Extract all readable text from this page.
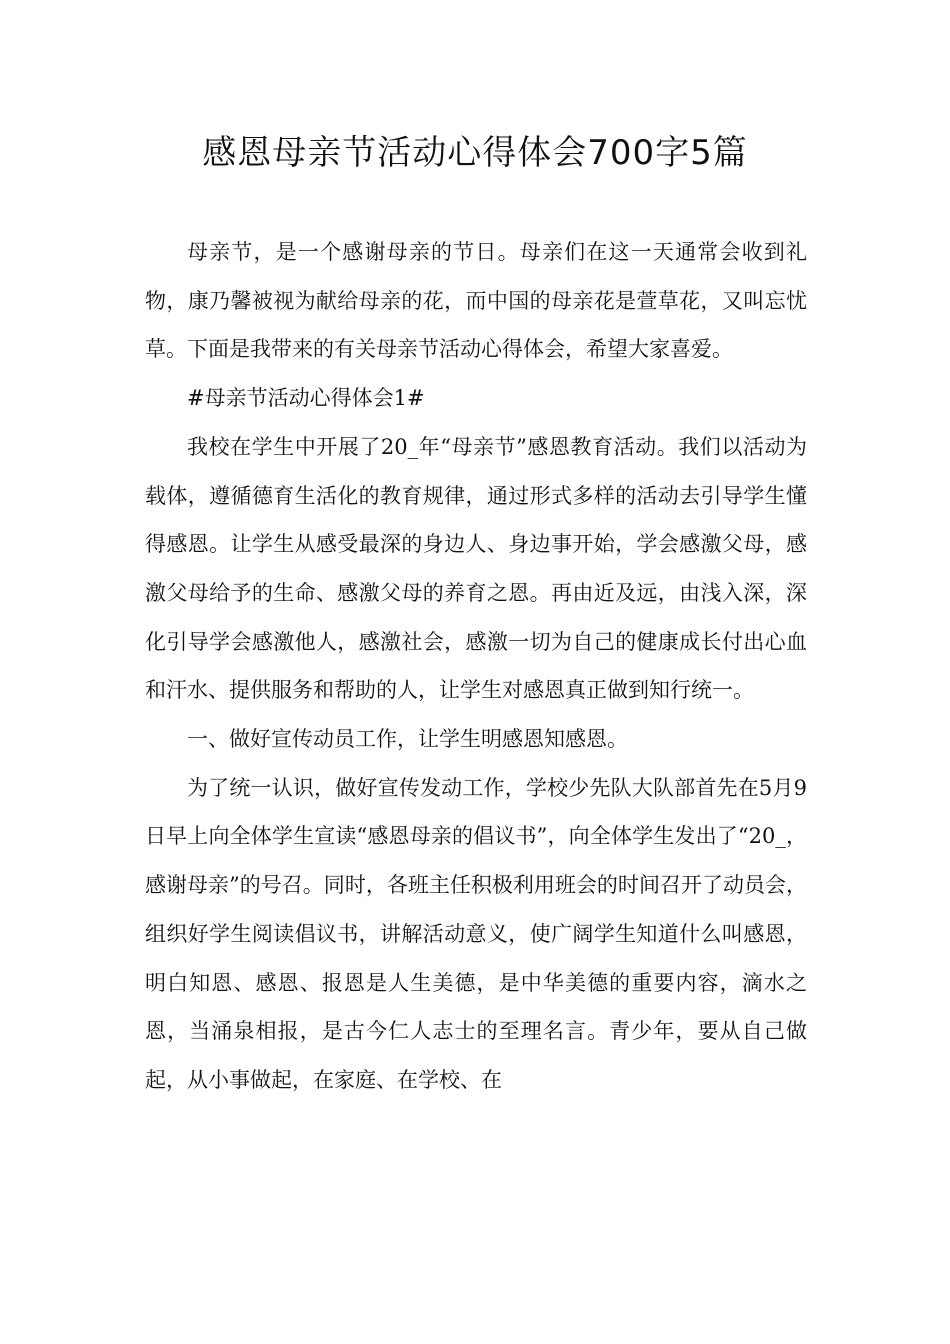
感恩母亲节活动心得体会700字5篇

母亲节，是一个感谢母亲的节日。母亲们在这一天通常会收到礼物，康乃馨被视为献给母亲的花，而中国的母亲花是萱草花，又叫忘忧草。下面是我带来的有关母亲节活动心得体会，希望大家喜爱。

#母亲节活动心得体会1#

我校在学生中开展了20_年“母亲节”感恩教育活动。我们以活动为载体，遵循德育生活化的教育规律，通过形式多样的活动去引导学生懂得感恩。让学生从感受最深的身边人、身边事开始，学会感激父母，感激父母给予的生命、感激父母的养育之恩。再由近及远，由浅入深，深化引导学会感激他人，感激社会，感激一切为自己的健康成长付出心血和汗水、提供服务和帮助的人，让学生对感恩真正做到知行统一。

一、做好宣传动员工作，让学生明感恩知感恩。

为了统一认识，做好宣传发动工作，学校少先队大队部首先在5月9日早上向全体学生宣读“感恩母亲的倡议书”，向全体学生发出了“20_，感谢母亲”的号召。同时，各班主任积极利用班会的时间召开了动员会，组织好学生阅读倡议书，讲解活动意义，使广阔学生知道什么叫感恩，明白知恩、感恩、报恩是人生美德，是中华美德的重要内容，滴水之恩，当涌泉相报，是古今仁人志士的至理名言。青少年，要从自己做起，从小事做起，在家庭、在学校、在
